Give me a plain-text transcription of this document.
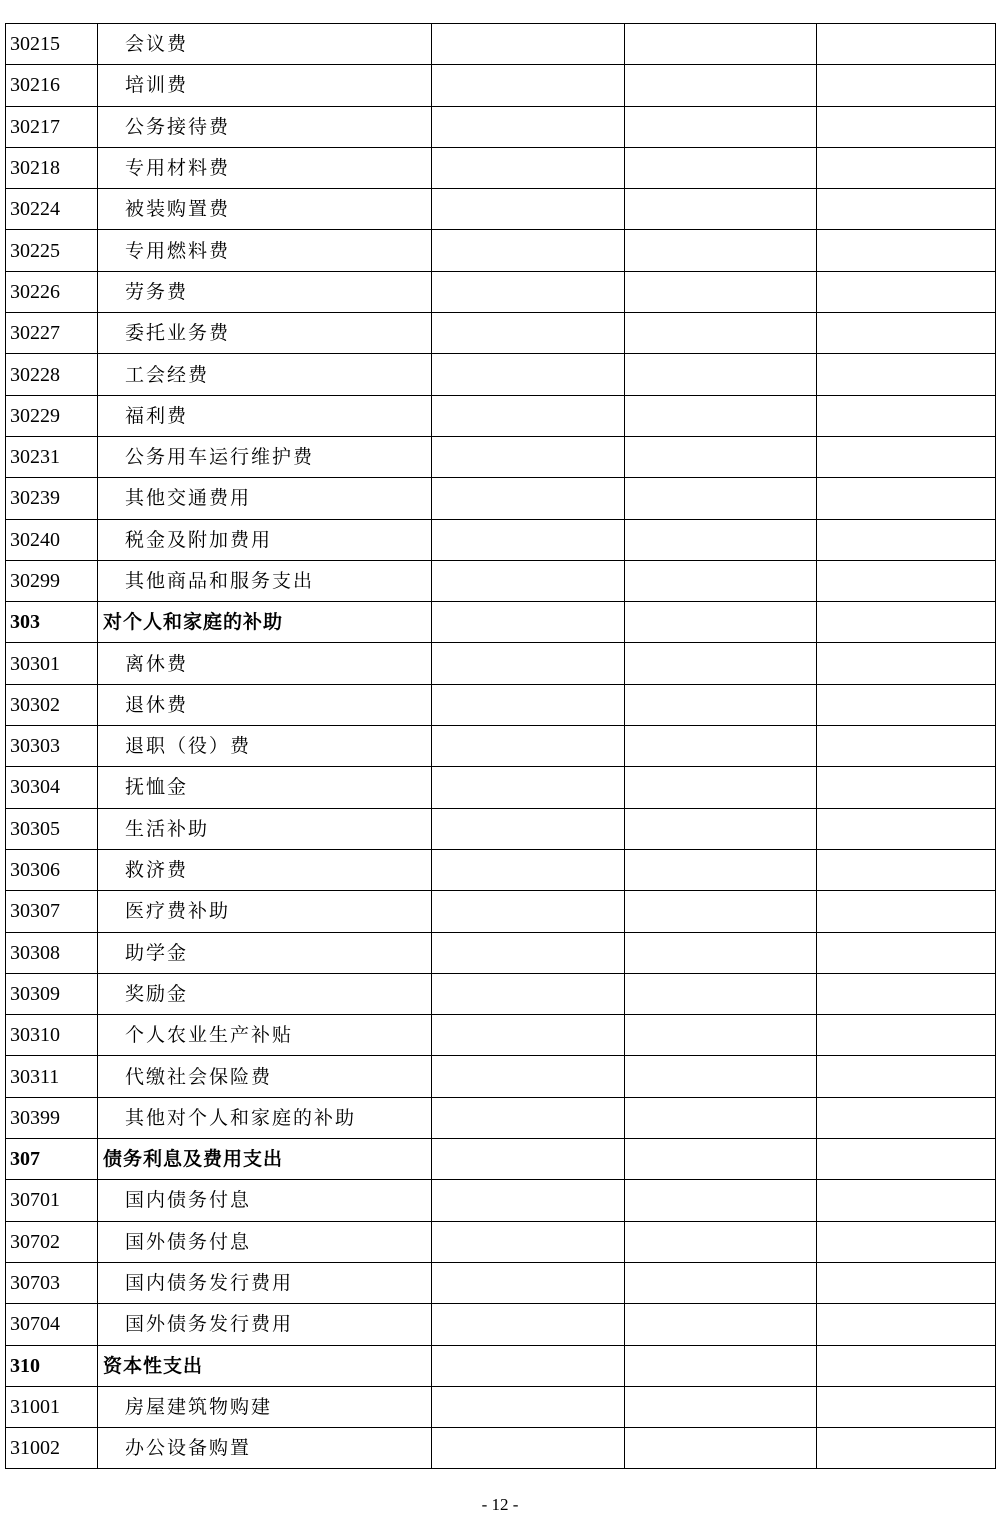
30215	会议费			
30216	培训费			
30217	公务接待费			
30218	专用材料费			
30224	被装购置费			
30225	专用燃料费			
30226	劳务费			
30227	委托业务费			
30228	工会经费			
30229	福利费			
30231	公务用车运行维护费			
30239	其他交通费用			
30240	税金及附加费用			
30299	其他商品和服务支出			
303	对个人和家庭的补助			
30301	离休费			
30302	退休费			
30303	退职（役）费			
30304	抚恤金			
30305	生活补助			
30306	救济费			
30307	医疗费补助			
30308	助学金			
30309	奖励金			
30310	个人农业生产补贴			
30311	代缴社会保险费			
30399	其他对个人和家庭的补助			
307	债务利息及费用支出			
30701	国内债务付息			
30702	国外债务付息			
30703	国内债务发行费用			
30704	国外债务发行费用			
310	资本性支出			
31001	房屋建筑物购建			
31002	办公设备购置			
- 12 -
